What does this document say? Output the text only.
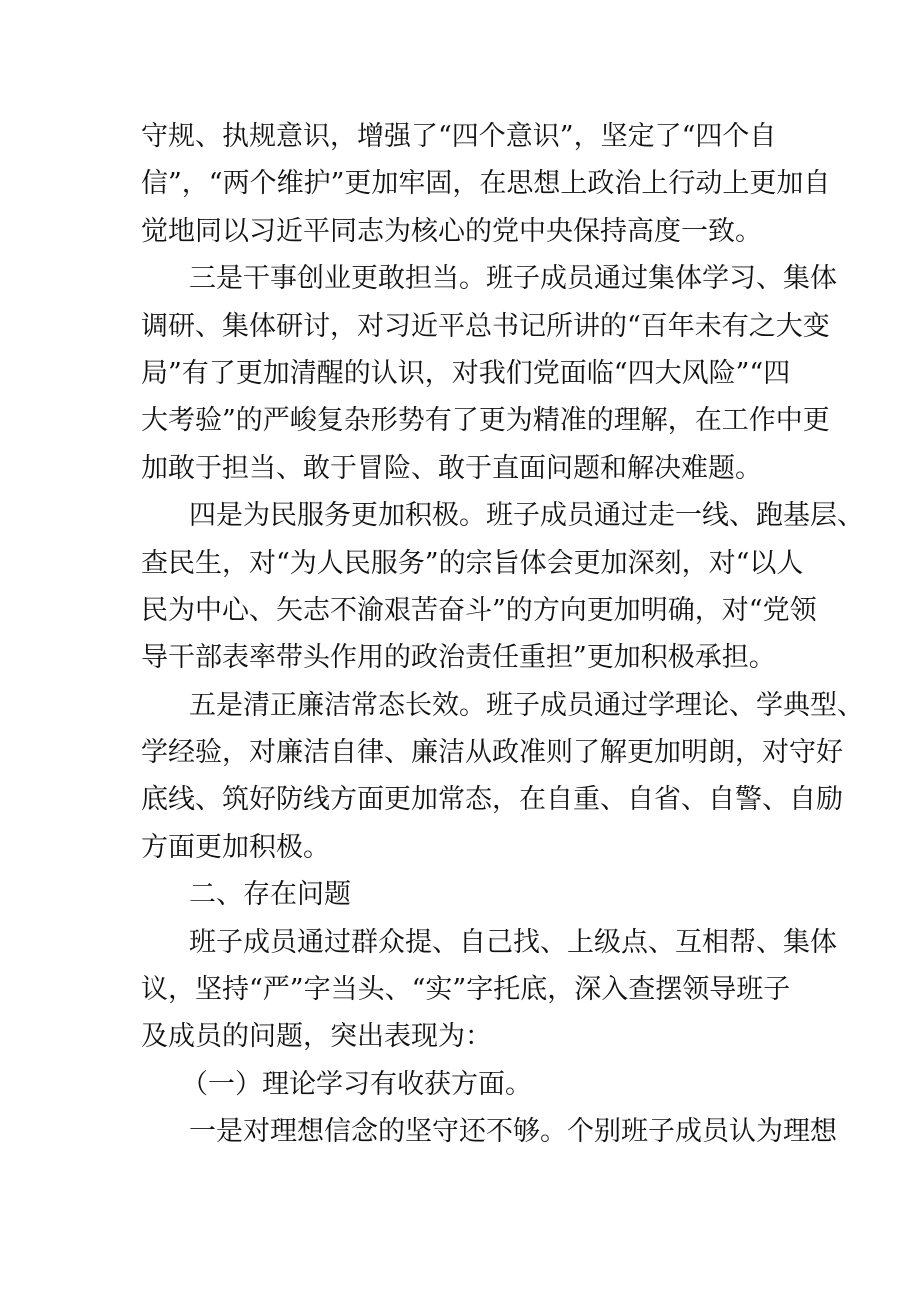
守规、执规意识，增强了“四个意识”，坚定了“四个自
信”，“两个维护”更加牢固，在思想上政治上行动上更加自
觉地同以习近平同志为核心的党中央保持高度一致。
三是干事创业更敢担当。班子成员通过集体学习、集体
调研、集体研讨，对习近平总书记所讲的“百年未有之大变
局”有了更加清醒的认识，对我们党面临“四大风险”“四
大考验”的严峻复杂形势有了更为精准的理解，在工作中更
加敢于担当、敢于冒险、敢于直面问题和解决难题。
四是为民服务更加积极。班子成员通过走一线、跑基层、
查民生，对“为人民服务”的宗旨体会更加深刻，对“以人
民为中心、矢志不渝艰苦奋斗”的方向更加明确，对“党领
导干部表率带头作用的政治责任重担”更加积极承担。
五是清正廉洁常态长效。班子成员通过学理论、学典型、
学经验，对廉洁自律、廉洁从政准则了解更加明朗，对守好
底线、筑好防线方面更加常态，在自重、自省、自警、自励
方面更加积极。
二、存在问题
班子成员通过群众提、自己找、上级点、互相帮、集体
议，坚持“严”字当头、“实”字托底，深入查摆领导班子
及成员的问题，突出表现为：
（一）理论学习有收获方面。
一是对理想信念的坚守还不够。个别班子成员认为理想
